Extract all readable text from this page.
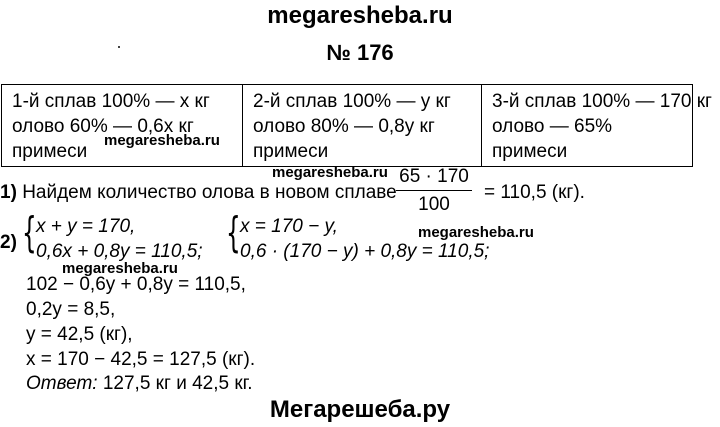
megaresheba.ru
№ 176
1-й сплав 100% — x кг
олово 60% — 0,6x кг
примеси

2-й сплав 100% — y кг
олово 80% — 0,8y кг
примеси

3-й сплав 100% — 170 кг
олово — 65%
примеси
megaresheba.ru
megaresheba.ru
megaresheba.ru
megaresheba.ru
1) Найдем количество олова в новом сплаве
65 · 170
100
= 110,5 (кг).
2) { x + y = 170,
0,6x + 0,8y = 110,5; { x = 170 − y,
0,6 · (170 − y) + 0,8y = 110,5;
102 − 0,6y + 0,8y = 110,5,
0,2y = 8,5,
y = 42,5 (кг),
x = 170 − 42,5 = 127,5 (кг).
Ответ: 127,5 кг и 42,5 кг.
Мегарешеба.ру
